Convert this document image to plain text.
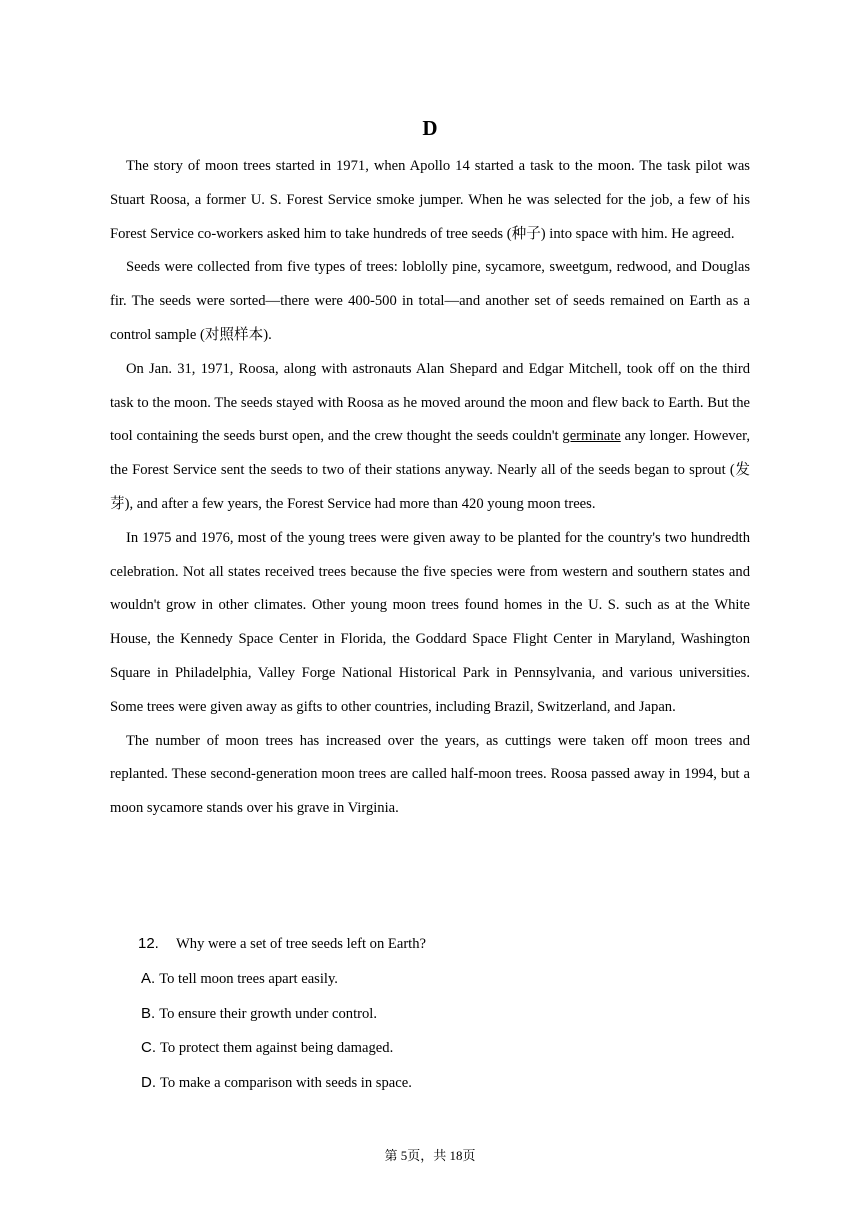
D

The story of moon trees started in 1971, when Apollo 14 started a task to the moon. The task pilot was Stuart Roosa, a former U. S. Forest Service smoke jumper. When he was selected for the job, a few of his Forest Service co-workers asked him to take hundreds of tree seeds (种子) into space with him. He agreed.

Seeds were collected from five types of trees: loblolly pine, sycamore, sweetgum, redwood, and Douglas fir. The seeds were sorted—there were 400-500 in total—and another set of seeds remained on Earth as a control sample (对照样本).

On Jan. 31, 1971, Roosa, along with astronauts Alan Shepard and Edgar Mitchell, took off on the third task to the moon. The seeds stayed with Roosa as he moved around the moon and flew back to Earth. But the tool containing the seeds burst open, and the crew thought the seeds couldn't germinate any longer. However, the Forest Service sent the seeds to two of their stations anyway. Nearly all of the seeds began to sprout (发芽), and after a few years, the Forest Service had more than 420 young moon trees.

In 1975 and 1976, most of the young trees were given away to be planted for the country's two hundredth celebration. Not all states received trees because the five species were from western and southern states and wouldn't grow in other climates. Other young moon trees found homes in the U. S. such as at the White House, the Kennedy Space Center in Florida, the Goddard Space Flight Center in Maryland, Washington Square in Philadelphia, Valley Forge National Historical Park in Pennsylvania, and various universities. Some trees were given away as gifts to other countries, including Brazil, Switzerland, and Japan.

The number of moon trees has increased over the years, as cuttings were taken off moon trees and replanted. These second-generation moon trees are called half-moon trees. Roosa passed away in 1994, but a moon sycamore stands over his grave in Virginia.

12. Why were a set of tree seeds left on Earth?

A. To tell moon trees apart easily.

B. To ensure their growth under control.

C. To protect them against being damaged.

D. To make a comparison with seeds in space.

第 5页，共 18页
